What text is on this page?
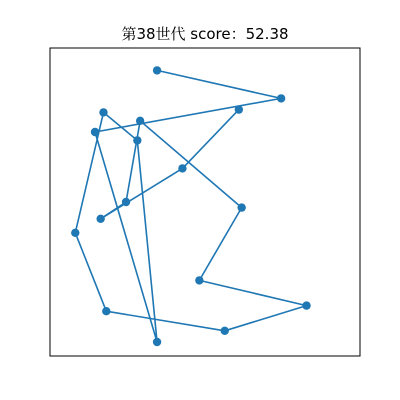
第38世代 score：52.38
